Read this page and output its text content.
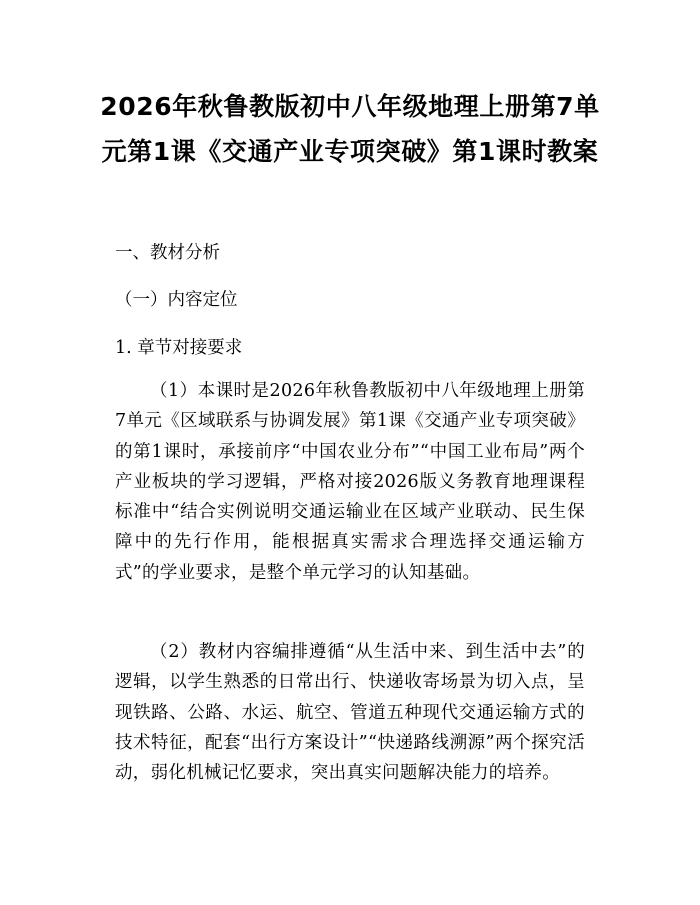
2026年秋鲁教版初中八年级地理上册第7单元第1课《交通产业专项突破》第1课时教案

一、教材分析

（一）内容定位

1. 章节对接要求

（1）本课时是2026年秋鲁教版初中八年级地理上册第7单元《区域联系与协调发展》第1课《交通产业专项突破》的第1课时，承接前序“中国农业分布”“中国工业布局”两个产业板块的学习逻辑，严格对接2026版义务教育地理课程标准中“结合实例说明交通运输业在区域产业联动、民生保障中的先行作用，能根据真实需求合理选择交通运输方式”的学业要求，是整个单元学习的认知基础。

（2）教材内容编排遵循“从生活中来、到生活中去”的逻辑，以学生熟悉的日常出行、快递收寄场景为切入点，呈现铁路、公路、水运、航空、管道五种现代交通运输方式的技术特征，配套“出行方案设计”“快递路线溯源”两个探究活动，弱化机械记忆要求，突出真实问题解决能力的培养。
